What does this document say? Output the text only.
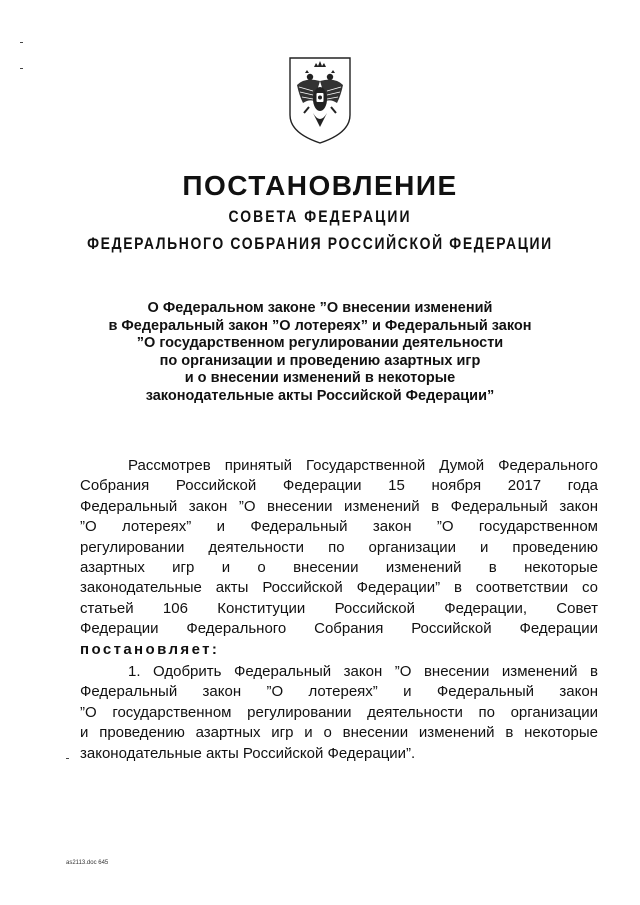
ПОСТАНОВЛЕНИЕ
СОВЕТА ФЕДЕРАЦИИ
ФЕДЕРАЛЬНОГО СОБРАНИЯ РОССИЙСКОЙ ФЕДЕРАЦИИ
О Федеральном законе ”О внесении изменений
в Федеральный закон ”О лотереях” и Федеральный закон
”О государственном регулировании деятельности
по организации и проведению азартных игр
и о внесении изменений в некоторые
законодательные акты Российской Федерации”
Рассмотрев принятый Государственной Думой Федерального
Собрания Российской Федерации 15 ноября 2017 года
Федеральный закон ”О внесении изменений в Федеральный закон
”О лотереях” и Федеральный закон ”О государственном
регулировании деятельности по организации и проведению
азартных игр и о внесении изменений в некоторые
законодательные акты Российской Федерации” в соответствии со
статьей 106 Конституции Российской Федерации, Совет
Федерации Федерального Собрания Российской Федерации
постановляет:
1. Одобрить Федеральный закон ”О внесении изменений в
Федеральный закон ”О лотереях” и Федеральный закон
”О государственном регулировании деятельности по организации
и проведению азартных игр и о внесении изменений в некоторые
законодательные акты Российской Федерации”.
as2113.doc 645
